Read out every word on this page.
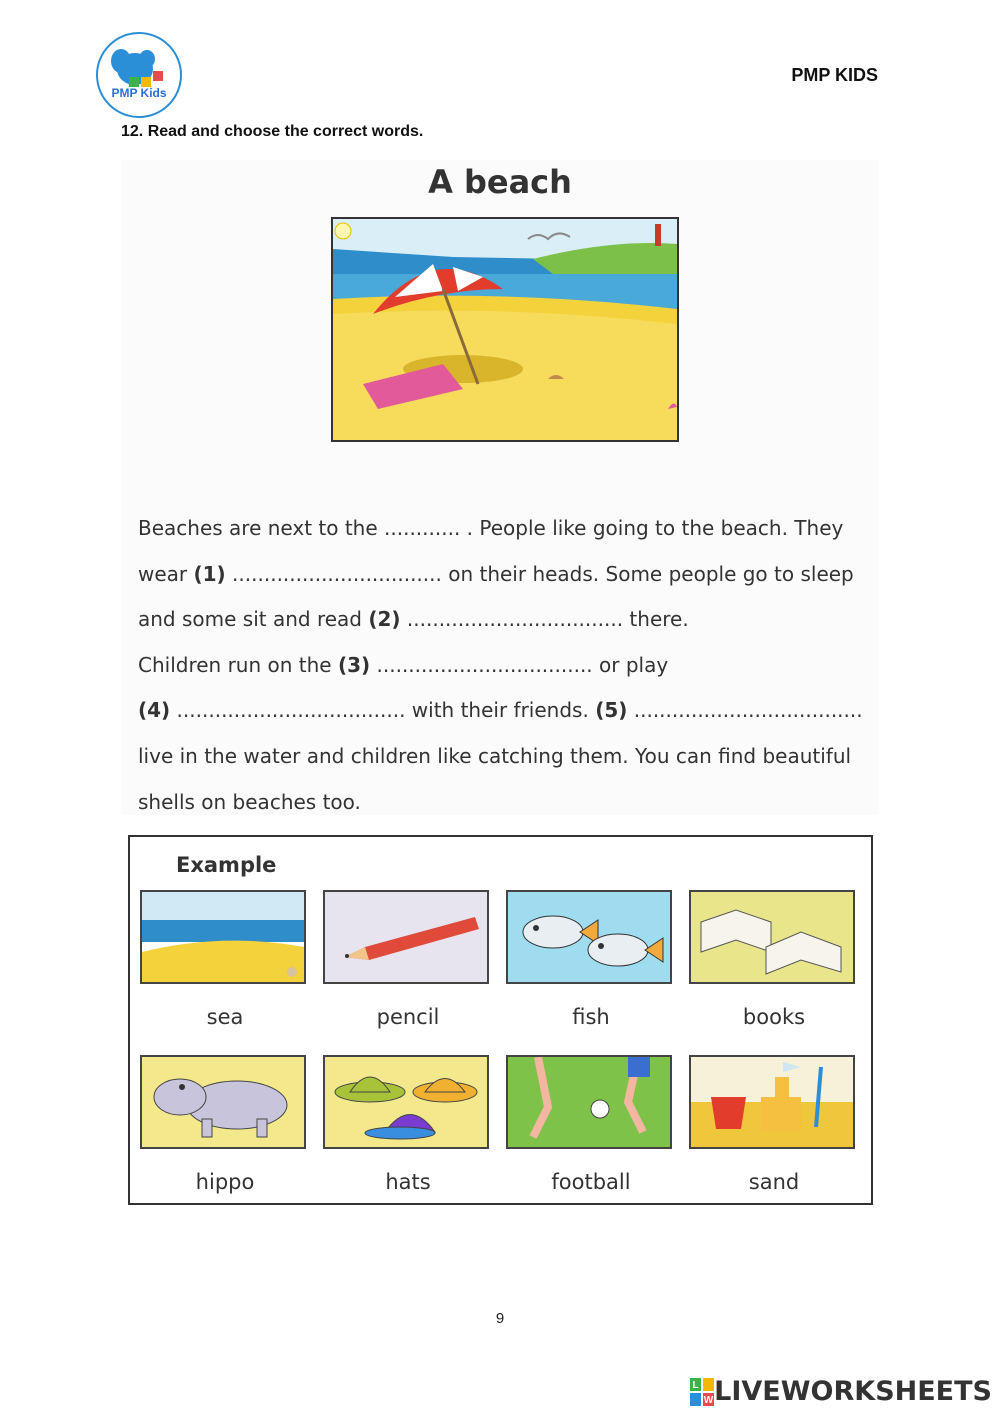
PMP Kids
PMP KIDS
12. Read and choose the correct words.
A beach
Beaches are next to the ............ . People like going to the beach. They
wear (1) ................................. on their heads. Some people go to sleep
and some sit and read (2) .................................. there.
Children run on the (3) .................................. or play
(4) .................................... with their friends. (5) ....................................
live in the water and children like catching them. You can find beautiful
shells on beaches too.
Example
sea	pencil	fish	books
hippo	hats	football	sand
9
L
W LIVEWORKSHEETS
